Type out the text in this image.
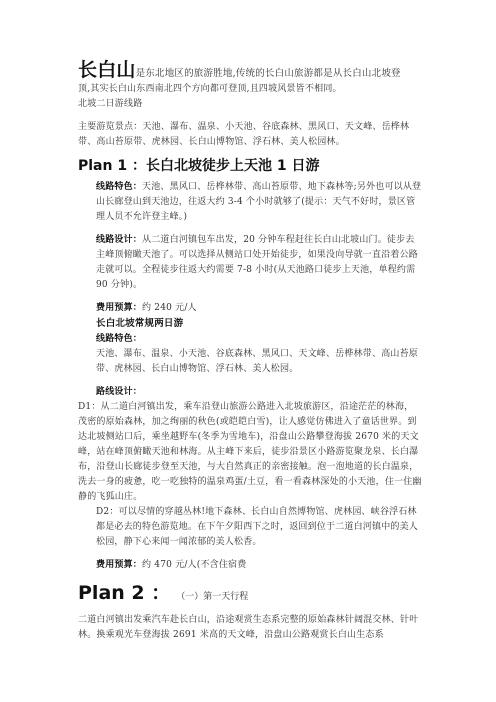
长白山是东北地区的旅游胜地,传统的长白山旅游都是从长白山北坡登

顶,其实长白山东西南北四个方向都可登顶,且四坡风景皆不相同。

北坡二日游线路

主要游览景点：天池、瀑布、温泉、小天池、谷底森林、黑风口、天文峰、岳桦林带、高山苔原带、虎林园、长白山博物馆、浮石林、美人松园林。

Plan 1 ：长白北坡徒步上天池 1 日游

线路特色：天池、黑风口、岳桦林带、高山苔原带、地下森林等;另外也可以从登山长廊登山到天池边，往返大约 3-4 个小时就够了(提示：天气不好时，景区管理人员不允许登主峰。)

线路设计：从二道白河镇包车出发，20 分钟车程赶往长白山北坡山门。徒步去主峰顶俯瞰天池了。可以选择从侧站口处开始徒步，如果没向导就一直沿着公路走就可以。全程徒步往返大约需要 7-8 小时(从天池路口徒步上天池，单程约需 90 分钟)。

费用预算：约 240 元/人

长白北坡常规两日游

线路特色：

天池、瀑布、温泉、小天池、谷底森林、黑风口、天文峰、岳桦林带、高山苔原带、虎林园、长白山博物馆、浮石林、美人松园。

路线设计：

D1：从二道白河镇出发，乘车沿登山旅游公路进入北坡旅游区，沿途茫茫的林海，茂密的原始森林，加之绚丽的秋色(或皑皑白雪)，让人感觉仿佛进入了童话世界。到达北坡侧站口后，乘坐越野车(冬季为雪地车)，沿盘山公路攀登海拔 2670 米的天文峰，站在峰顶俯瞰天池和林海。从主峰下来后，徒步沿景区小路游览聚龙泉、长白瀑布，沿登山长廊徒步登至天池，与大自然真正的亲密接触。泡一泡地道的长白温泉，洗去一身的疲惫，吃一吃独特的温泉鸡蛋/土豆，看一看森林深处的小天池，住一住幽静的飞狐山庄。

D2：可以尽情的穿越丛林!地下森林、长白山自然博物馆、虎林园、峡谷浮石林都是必去的特色游览地。在下午夕阳西下之时，返回到位于二道白河镇中的美人松园，静下心来闻一闻浓郁的美人松香。

费用预算：约 470 元/人(不含住宿费

Plan 2 ： （一）第一天行程

二道白河镇出发乘汽车赴长白山，沿途观赏生态系完整的原始森林针阔混交林、针叶林。换乘观光车登海拔 2691 米高的天文峰，沿盘山公路观赏长白山生态系
